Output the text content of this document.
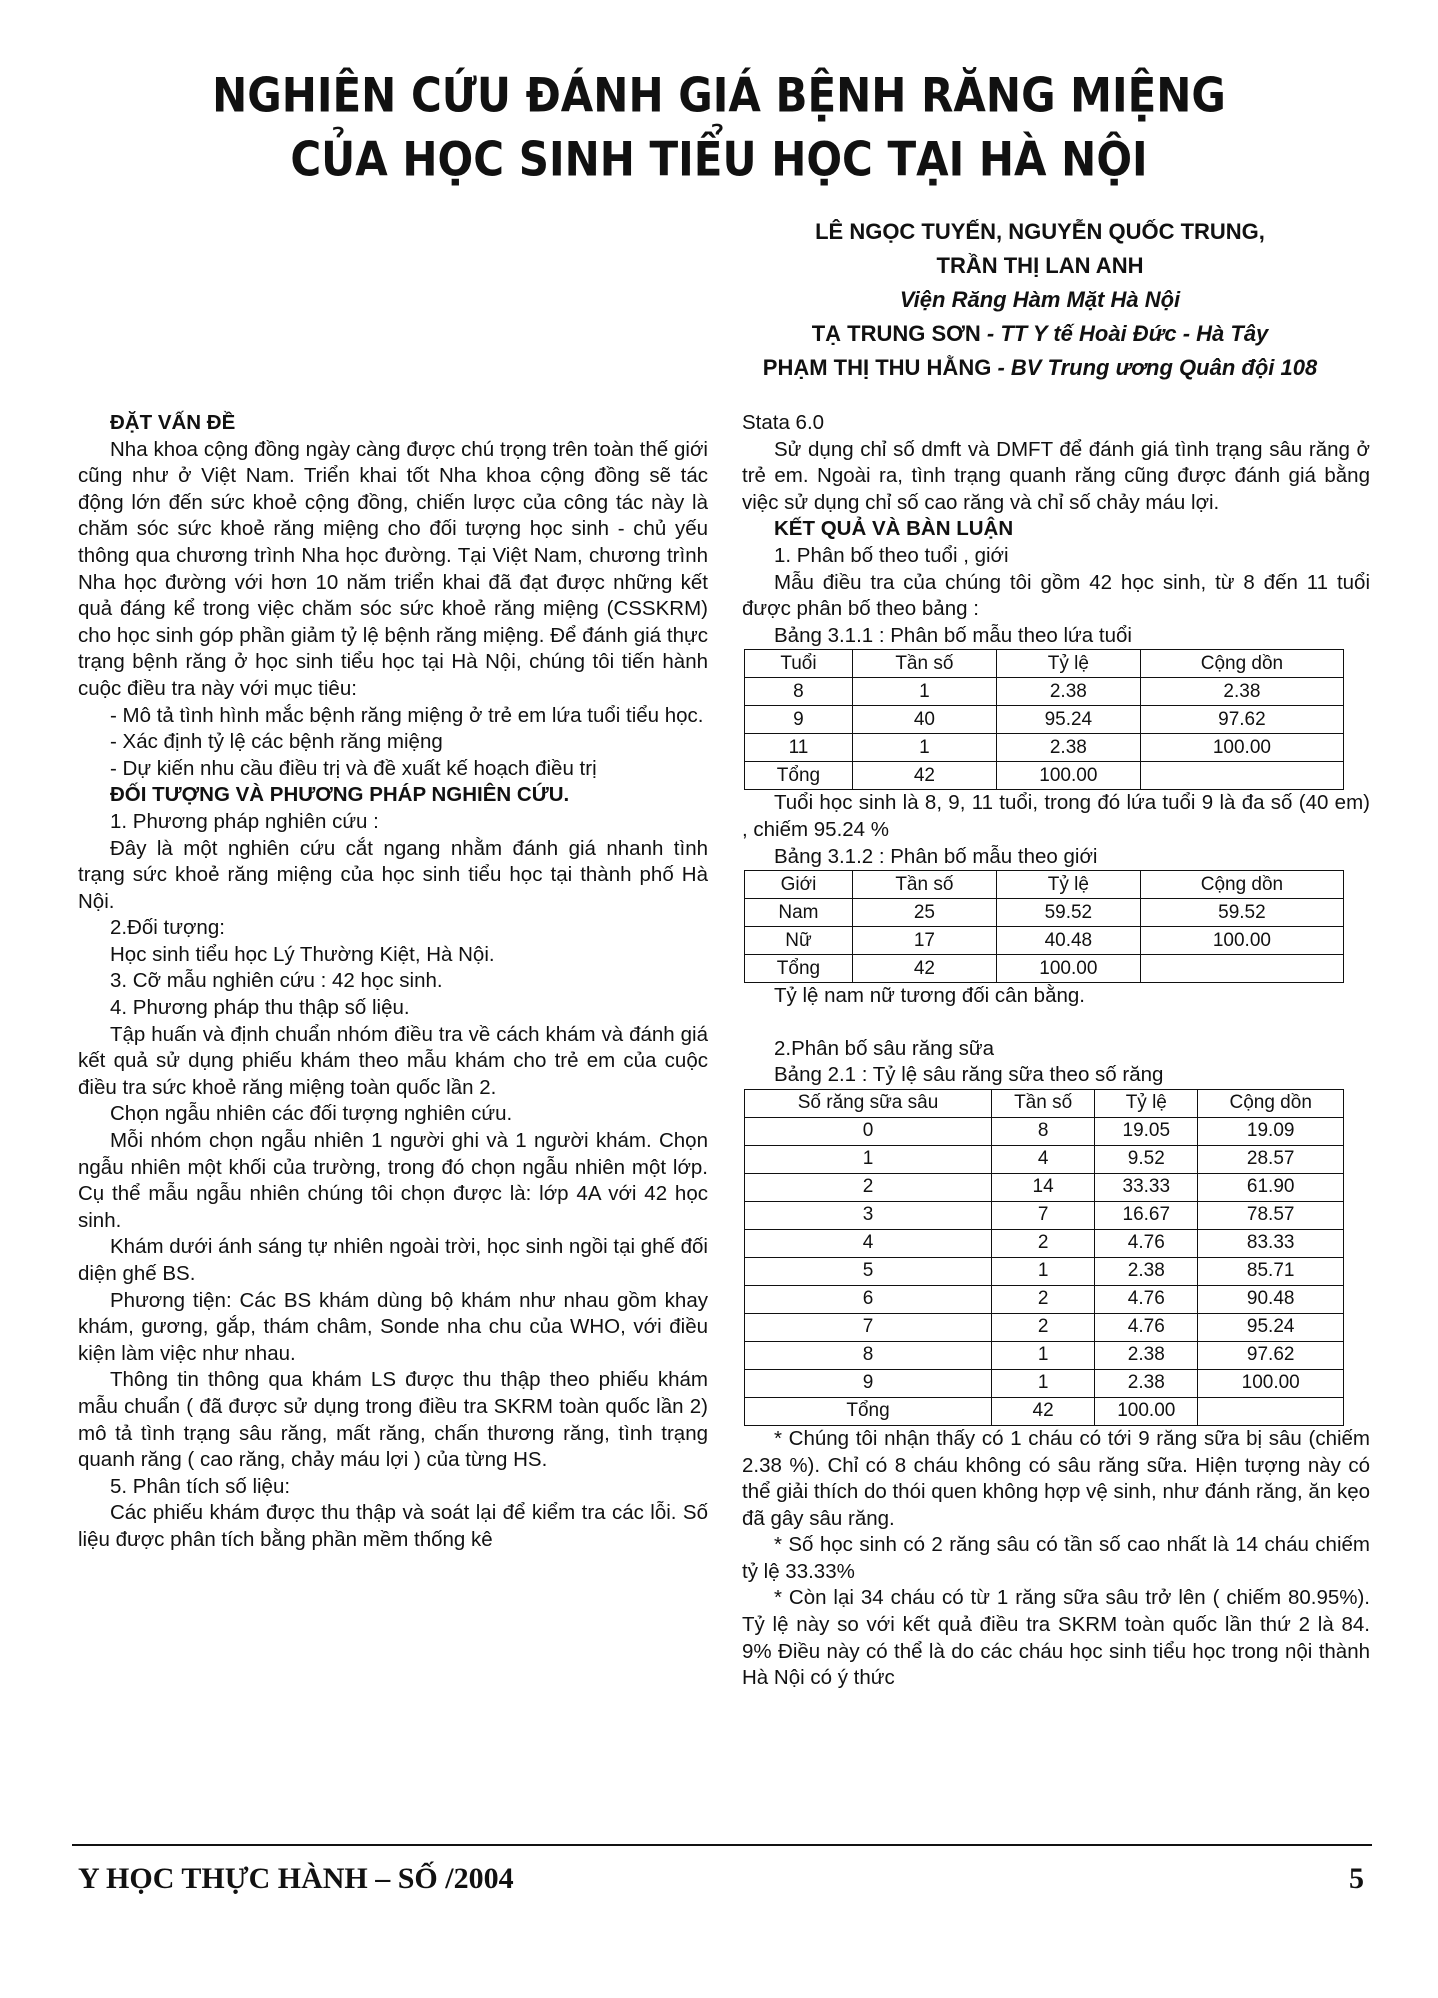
NGHIÊN CỨU ĐÁNH GIÁ BỆNH RĂNG MIỆNG
CỦA HỌC SINH TIỂU HỌC TẠI HÀ NỘI
LÊ NGỌC TUYẾN, NGUYỄN QUỐC TRUNG,
TRẦN THỊ LAN ANH
Viện Răng Hàm Mặt Hà Nội
TẠ TRUNG SƠN - TT Y tế Hoài Đức - Hà Tây
PHẠM THỊ THU HẰNG - BV Trung ương Quân đội 108

ĐẶT VẤN ĐỀ

Nha khoa cộng đồng ngày càng được chú trọng trên toàn thế giới cũng như ở Việt Nam. Triển khai tốt Nha khoa cộng đồng sẽ tác động lớn đến sức khoẻ cộng đồng, chiến lược của công tác này là chăm sóc sức khoẻ răng miệng cho đối tượng học sinh - chủ yếu thông qua chương trình Nha học đường. Tại Việt Nam, chương trình Nha học đường với hơn 10 năm triển khai đã đạt được những kết quả đáng kể trong việc chăm sóc sức khoẻ răng miệng (CSSKRM) cho học sinh góp phần giảm tỷ lệ bệnh răng miệng. Để đánh giá thực trạng bệnh răng ở học sinh tiểu học tại Hà Nội, chúng tôi tiến hành cuộc điều tra này với mục tiêu:

- Mô tả tình hình mắc bệnh răng miệng ở trẻ em lứa tuổi tiểu học.

- Xác định tỷ lệ các bệnh răng miệng

- Dự kiến nhu cầu điều trị và đề xuất kế hoạch điều trị

ĐỐI TƯỢNG VÀ PHƯƠNG PHÁP NGHIÊN CỨU.

1. Phương pháp nghiên cứu :

Đây là một nghiên cứu cắt ngang nhằm đánh giá nhanh tình trạng sức khoẻ răng miệng của học sinh tiểu học tại thành phố Hà Nội.

2.Đối tượng:

Học sinh tiểu học Lý Thường Kiệt, Hà Nội.

3. Cỡ mẫu nghiên cứu : 42 học sinh.

4. Phương pháp thu thập số liệu.

Tập huấn và định chuẩn nhóm điều tra về cách khám và đánh giá kết quả sử dụng phiếu khám theo mẫu khám cho trẻ em của cuộc điều tra sức khoẻ răng miệng toàn quốc lần 2.

Chọn ngẫu nhiên các đối tượng nghiên cứu.

Mỗi nhóm chọn ngẫu nhiên 1 người ghi và 1 người khám. Chọn ngẫu nhiên một khối của trường, trong đó chọn ngẫu nhiên một lớp. Cụ thể mẫu ngẫu nhiên chúng tôi chọn được là: lớp 4A với 42 học sinh.

Khám dưới ánh sáng tự nhiên ngoài trời, học sinh ngồi tại ghế đối diện ghế BS.

Phương tiện: Các BS khám dùng bộ khám như nhau gồm khay khám, gương, gắp, thám châm, Sonde nha chu của WHO, với điều kiện làm việc như nhau.

Thông tin thông qua khám LS được thu thập theo phiếu khám mẫu chuẩn ( đã được sử dụng trong điều tra SKRM toàn quốc lần 2) mô tả tình trạng sâu răng, mất răng, chấn thương răng, tình trạng quanh răng ( cao răng, chảy máu lợi ) của từng HS.

5. Phân tích số liệu:

Các phiếu khám được thu thập và soát lại để kiểm tra các lỗi. Số liệu được phân tích bằng phần mềm thống kê

Stata 6.0

Sử dụng chỉ số dmft và DMFT để đánh giá tình trạng sâu răng ở trẻ em. Ngoài ra, tình trạng quanh răng cũng được đánh giá bằng việc sử dụng chỉ số cao răng và chỉ số chảy máu lợi.

KẾT QUẢ VÀ BÀN LUẬN

1. Phân bố theo tuổi , giới

Mẫu điều tra của chúng tôi gồm 42 học sinh, từ 8 đến 11 tuổi được phân bố theo bảng :

Bảng 3.1.1 : Phân bố mẫu theo lứa tuổi

Tuổi	Tần số	Tỷ lệ	Cộng dồn
8	1	2.38	2.38
9	40	95.24	97.62
11	1	2.38	100.00
Tổng	42	100.00	

Tuổi học sinh là 8, 9, 11 tuổi, trong đó lứa tuổi 9 là đa số (40 em) , chiếm 95.24 %

Bảng 3.1.2 : Phân bố mẫu theo giới

Giới	Tần số	Tỷ lệ	Cộng dồn
Nam	25	59.52	59.52
Nữ	17	40.48	100.00
Tổng	42	100.00	

Tỷ lệ nam nữ tương đối cân bằng.

2.Phân bố sâu răng sữa

Bảng 2.1 : Tỷ lệ sâu răng sữa theo số răng

Số răng sữa sâu	Tần số	Tỷ lệ	Cộng dồn
0	8	19.05	19.09
1	4	9.52	28.57
2	14	33.33	61.90
3	7	16.67	78.57
4	2	4.76	83.33
5	1	2.38	85.71
6	2	4.76	90.48
7	2	4.76	95.24
8	1	2.38	97.62
9	1	2.38	100.00
Tổng	42	100.00	

* Chúng tôi nhận thấy có 1 cháu có tới 9 răng sữa bị sâu (chiếm 2.38 %). Chỉ có 8 cháu không có sâu răng sữa. Hiện tượng này có thể giải thích do thói quen không hợp vệ sinh, như đánh răng, ăn kẹo đã gây sâu răng.

* Số học sinh có 2 răng sâu có tần số cao nhất là 14 cháu chiếm tỷ lệ 33.33%

* Còn lại 34 cháu có từ 1 răng sữa sâu trở lên ( chiếm 80.95%). Tỷ lệ này so với kết quả điều tra SKRM toàn quốc lần thứ 2 là 84. 9% Điều này có thể là do các cháu học sinh tiểu học trong nội thành Hà Nội có ý thức

Y HỌC THỰC HÀNH – SỐ /2004	5
